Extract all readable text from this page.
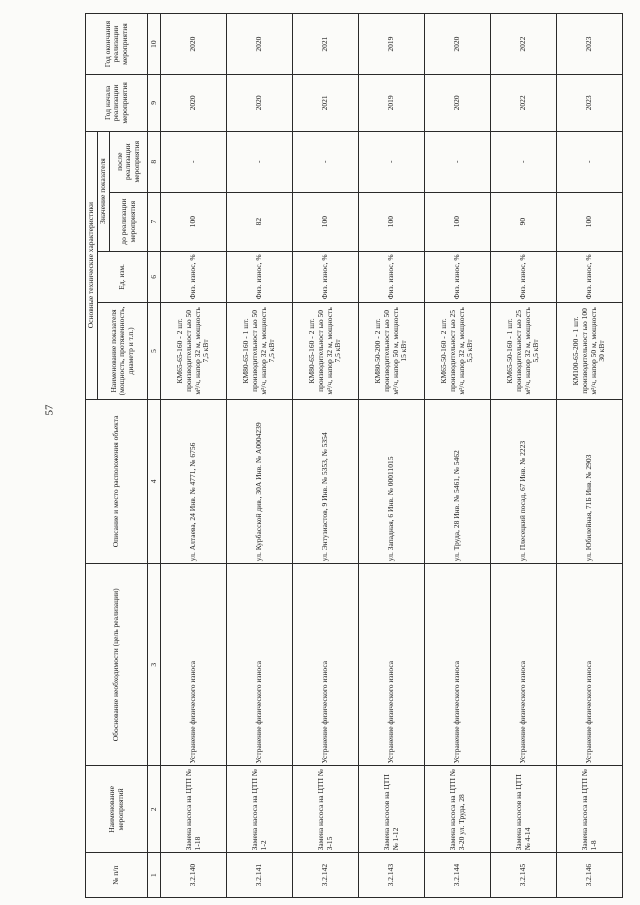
57
№ п/п	Наименование мероприятий	Обоснование необходимости (цель реализации)	Описание и место расположения объекта	Основные технические характеристики				Год начала реализации мероприятия	Год окончания реализации мероприятия
				Наименование показателя (мощность, протяженность, диаметр и т.п.)	Ед. изм.	Значение показателя			
						до реализации мероприятия	после реализации мероприятия		
1	2	3	4	5	6	7	8	9	10
3.2.140	Замена насоса на ЦТП № 1-18	Устранение физического износа	ул. Алтаева, 24 Инв. № 4771, № 6756	КМ65-65-160 - 2 шт. производительност ью 50 м³/ч, напор 32 м, мощность 7,5 кВт	Физ. износ, %	100	-	2020	2020
3.2.141	Замена насоса на ЦТП № 1-2	Устранение физического износа	ул. Курбасской див., 30А Инв. № А0004239	КМ80-65-160 - 1 шт. производительност ью 50 м³/ч, напор 32 м, мощность 7,5 кВт	Физ. износ, %	82	-	2020	2020
3.2.142	Замена насоса на ЦТП № 3-15	Устранение физического износа	ул. Энтузиастов, 9 Инв. № 5353, № 5354	КМ80-65-160 - 2 шт. производительност ью 50 м³/ч, напор 32 м, мощность 7,5 кВт	Физ. износ, %	100	-	2021	2021
3.2.143	Замена насосов на ЦТП № 1-12	Устранение физического износа	ул. Западная, 6 Инв. № 00011015	КМ80-50-200 - 2 шт. производительност ью 50 м³/ч, напор 50 м, мощность 15 кВт	Физ. износ, %	100	-	2019	2019
3.2.144	Замена насоса на ЦТП № 3-20 ул. Труда, 28	Устранение физического износа	ул. Труда, 28 Инв. № 5461, № 5462	КМ65-50-160 - 2 шт. производительност ью 25 м³/ч, напор 32 м, мощность 5,5 кВт	Физ. износ, %	100	-	2020	2020
3.2.145	Замена насосов на ЦТП № 4-14	Устранение физического износа	ул. Плесецкий посад, 67 Инв. № 2223	КМ65-50-160 - 1 шт. производительност ью 25 м³/ч, напор 32 м, мощность 5,5 кВт	Физ. износ, %	90	-	2022	2022
3.2.146	Замена насоса на ЦТП № 1-8	Устранение физического износа	ул. Юбилейная, 71Б Инв. № 2903	КМ100-65-200 - 1 шт. производительност ью 100 м³/ч, напор 50 м, мощность 30 кВт	Физ. износ, %	100	-	2023	2023
